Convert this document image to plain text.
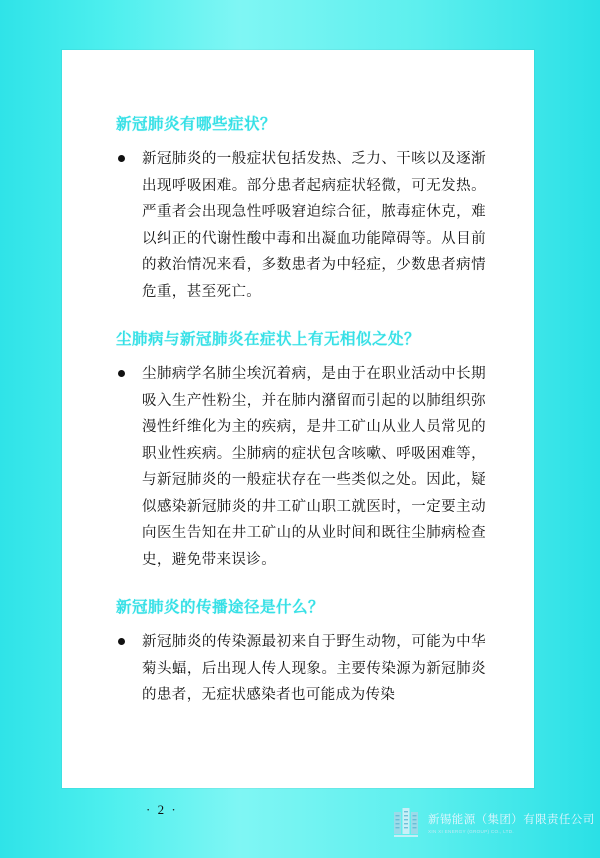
新冠肺炎有哪些症状？

新冠肺炎的一般症状包括发热、乏力、干咳以及逐渐出现呼吸困难。部分患者起病症状轻微，可无发热。严重者会出现急性呼吸窘迫综合征，脓毒症休克，难以纠正的代谢性酸中毒和出凝血功能障碍等。从目前的救治情况来看，多数患者为中轻症，少数患者病情危重，甚至死亡。

尘肺病与新冠肺炎在症状上有无相似之处？

尘肺病学名肺尘埃沉着病，是由于在职业活动中长期吸入生产性粉尘，并在肺内潴留而引起的以肺组织弥漫性纤维化为主的疾病，是井工矿山从业人员常见的职业性疾病。尘肺病的症状包含咳嗽、呼吸困难等，与新冠肺炎的一般症状存在一些类似之处。因此，疑似感染新冠肺炎的井工矿山职工就医时，一定要主动向医生告知在井工矿山的从业时间和既往尘肺病检查史，避免带来误诊。

新冠肺炎的传播途径是什么？

新冠肺炎的传染源最初来自于野生动物，可能为中华菊头蝠，后出现人传人现象。主要传染源为新冠肺炎的患者，无症状感染者也可能成为传染

· 2 ·
新锡能源（集团）有限责任公司
XIN XI ENERGY (GROUP) CO., LTD.
